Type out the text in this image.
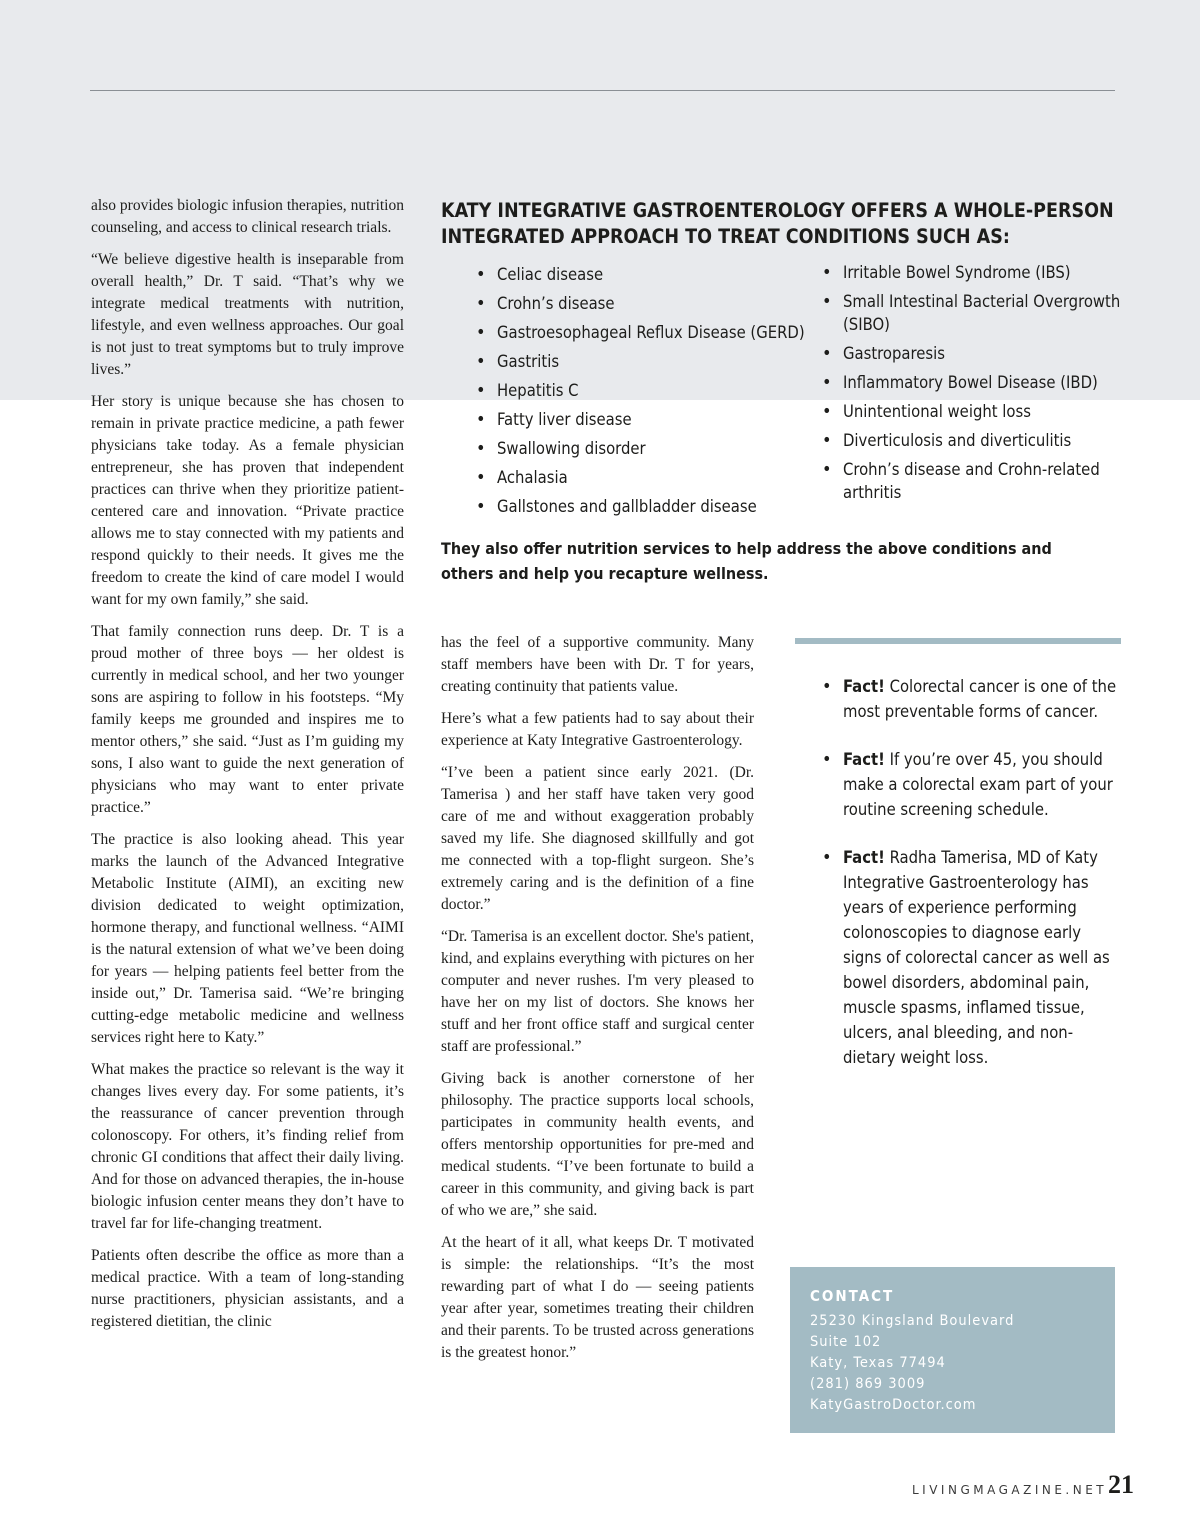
also provides biologic infusion therapies, nutrition counseling, and access to clinical research trials.

“We believe digestive health is inseparable from overall health,” Dr. T said. “That’s why we integrate medical treatments with nutrition, lifestyle, and even wellness approaches. Our goal is not just to treat symptoms but to truly improve lives.”

Her story is unique because she has chosen to remain in private practice medicine, a path fewer physicians take today. As a female physician entrepreneur, she has proven that independent practices can thrive when they prioritize patient-centered care and innovation. “Private practice allows me to stay connected with my patients and respond quickly to their needs. It gives me the freedom to create the kind of care model I would want for my own family,” she said.

That family connection runs deep. Dr. T is a proud mother of three boys — her oldest is currently in medical school, and her two younger sons are aspiring to follow in his footsteps. “My family keeps me grounded and inspires me to mentor others,” she said. “Just as I’m guiding my sons, I also want to guide the next generation of physicians who may want to enter private practice.”

The practice is also looking ahead. This year marks the launch of the Advanced Integrative Metabolic Institute (AIMI), an exciting new division dedicated to weight optimization, hormone therapy, and functional wellness. “AIMI is the natural extension of what we’ve been doing for years — helping patients feel better from the inside out,” Dr. Tamerisa said. “We’re bringing cutting-edge metabolic medicine and wellness services right here to Katy.”

What makes the practice so relevant is the way it changes lives every day. For some patients, it’s the reassurance of cancer prevention through colonoscopy. For others, it’s finding relief from chronic GI conditions that affect their daily living. And for those on advanced therapies, the in-house biologic infusion center means they don’t have to travel far for life-changing treatment.

Patients often describe the office as more than a medical practice. With a team of long-standing nurse practitioners, physician assistants, and a registered dietitian, the clinic

KATY INTEGRATIVE GASTROENTEROLOGY OFFERS A WHOLE-PERSON
INTEGRATED APPROACH TO TREAT CONDITIONS SUCH AS:
• Celiac disease
• Crohn’s disease
• Gastroesophageal Reflux Disease (GERD)
• Gastritis
• Hepatitis C
• Fatty liver disease
• Swallowing disorder
• Achalasia
• Gallstones and gallbladder disease
• Irritable Bowel Syndrome (IBS)
• Small Intestinal Bacterial Overgrowth (SIBO)
• Gastroparesis
• Inflammatory Bowel Disease (IBD)
• Unintentional weight loss
• Diverticulosis and diverticulitis
• Crohn’s disease and Crohn-related arthritis
They also offer nutrition services to help address the above conditions and
others and help you recapture wellness.

has the feel of a supportive community. Many staff members have been with Dr. T for years, creating continuity that patients value.

Here’s what a few patients had to say about their experience at Katy Integrative Gastroenterology.

“I’ve been a patient since early 2021. (Dr. Tamerisa ) and her staff have taken very good care of me and without exaggeration probably saved my life. She diagnosed skillfully and got me connected with a top-flight surgeon. She’s extremely caring and is the definition of a fine doctor.”

“Dr. Tamerisa is an excellent doctor. She's patient, kind, and explains everything with pictures on her computer and never rushes. I'm very pleased to have her on my list of doctors. She knows her stuff and her front office staff and surgical center staff are professional.”

Giving back is another cornerstone of her philosophy. The practice supports local schools, participates in community health events, and offers mentorship opportunities for pre-med and medical students. “I’ve been fortunate to build a career in this community, and giving back is part of who we are,” she said.

At the heart of it all, what keeps Dr. T motivated is simple: the relationships. “It’s the most rewarding part of what I do — seeing patients year after year, sometimes treating their children and their parents. To be trusted across generations is the greatest honor.”

• Fact! Colorectal cancer is one of the most preventable forms of cancer.
• Fact! If you’re over 45, you should make a colorectal exam part of your routine screening schedule.
• Fact! Radha Tamerisa, MD of Katy Integrative Gastroenterology has years of experience performing colonoscopies to diagnose early signs of colorectal cancer as well as bowel disorders, abdominal pain, muscle spasms, inflamed tissue, ulcers, anal bleeding, and non-dietary weight loss.
CONTACT
25230 Kingsland Boulevard
Suite 102
Katy, Texas 77494
(281) 869 3009
KatyGastroDoctor.com
LIVINGMAGAZINE.NET 21
